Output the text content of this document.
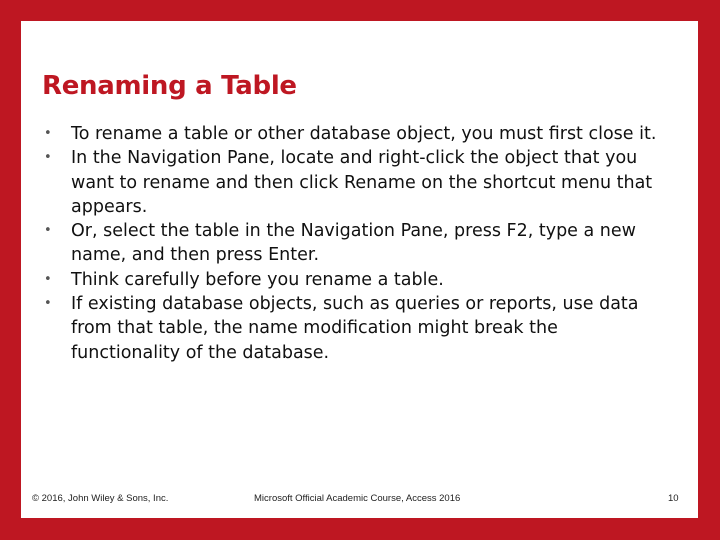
Renaming a Table
• To rename a table or other database object, you must first close it.
• In the Navigation Pane, locate and right-click the object that you want to rename and then click Rename on the shortcut menu that appears.
• Or, select the table in the Navigation Pane, press F2, type a new name, and then press Enter.
• Think carefully before you rename a table.
• If existing database objects, such as queries or reports, use data from that table, the name modification might break the functionality of the database.
© 2016, John Wiley & Sons, Inc.	Microsoft Official Academic Course, Access 2016	10
